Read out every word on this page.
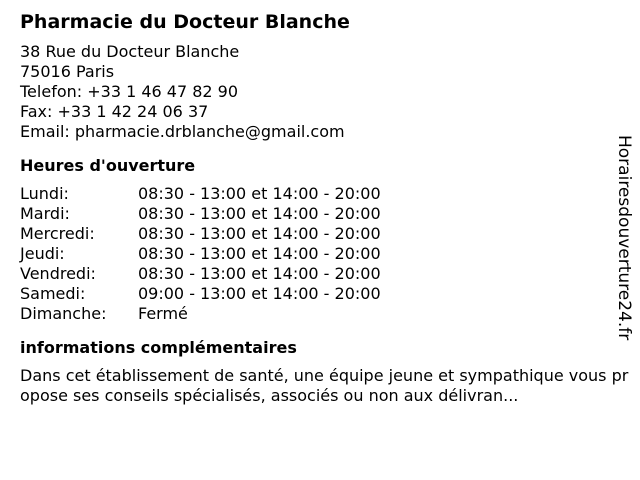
Pharmacie du Docteur Blanche
38 Rue du Docteur Blanche
75016 Paris
Telefon: +33 1 46 47 82 90
Fax: +33 1 42 24 06 37
Email: pharmacie.drblanche@gmail.com
Heures d'ouverture
Lundi:	08:30 - 13:00 et 14:00 - 20:00
Mardi:	08:30 - 13:00 et 14:00 - 20:00
Mercredi:	08:30 - 13:00 et 14:00 - 20:00
Jeudi:	08:30 - 13:00 et 14:00 - 20:00
Vendredi:	08:30 - 13:00 et 14:00 - 20:00
Samedi:	09:00 - 13:00 et 14:00 - 20:00
Dimanche:	Fermé
informations complémentaires
Dans cet établissement de santé, une équipe jeune et sympathique vous propose ses conseils spécialisés, associés ou non aux délivran...
Horairesdouverture24.fr
